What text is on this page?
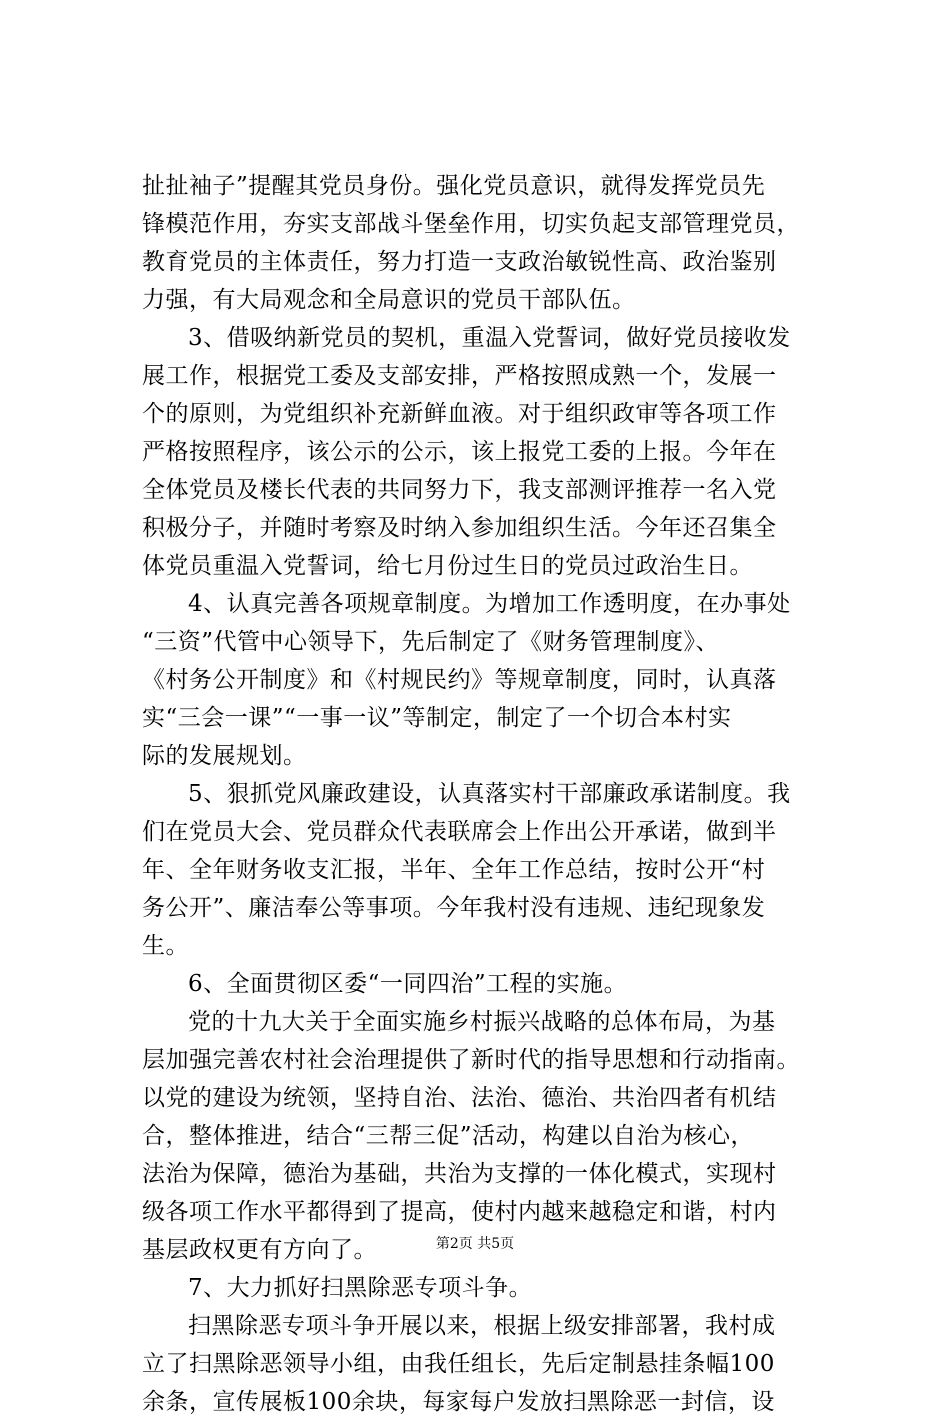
扯扯袖子”提醒其党员身份。强化党员意识，就得发挥党员先
锋模范作用，夯实支部战斗堡垒作用，切实负起支部管理党员，
教育党员的主体责任，努力打造一支政治敏锐性高、政治鉴别
力强，有大局观念和全局意识的党员干部队伍。
3、借吸纳新党员的契机，重温入党誓词，做好党员接收发
展工作，根据党工委及支部安排，严格按照成熟一个，发展一
个的原则，为党组织补充新鲜血液。对于组织政审等各项工作
严格按照程序，该公示的公示，该上报党工委的上报。今年在
全体党员及楼长代表的共同努力下，我支部测评推荐一名入党
积极分子，并随时考察及时纳入参加组织生活。今年还召集全
体党员重温入党誓词，给七月份过生日的党员过政治生日。
4、认真完善各项规章制度。为增加工作透明度，在办事处
“三资”代管中心领导下，先后制定了《财务管理制度》、
《村务公开制度》和《村规民约》等规章制度，同时，认真落
实“三会一课”“一事一议”等制定，制定了一个切合本村实
际的发展规划。
5、狠抓党风廉政建设，认真落实村干部廉政承诺制度。我
们在党员大会、党员群众代表联席会上作出公开承诺，做到半
年、全年财务收支汇报，半年、全年工作总结，按时公开“村
务公开”、廉洁奉公等事项。今年我村没有违规、违纪现象发
生。
6、全面贯彻区委“一同四治”工程的实施。
党的十九大关于全面实施乡村振兴战略的总体布局，为基
层加强完善农村社会治理提供了新时代的指导思想和行动指南。
以党的建设为统领，坚持自治、法治、德治、共治四者有机结
合，整体推进，结合“三帮三促”活动，构建以自治为核心，
法治为保障，德治为基础，共治为支撑的一体化模式，实现村
级各项工作水平都得到了提高，使村内越来越稳定和谐，村内
基层政权更有方向了。
7、大力抓好扫黑除恶专项斗争。
扫黑除恶专项斗争开展以来，根据上级安排部署，我村成
立了扫黑除恶领导小组，由我任组长，先后定制悬挂条幅100
余条，宣传展板100余块，每家每户发放扫黑除恶一封信，设
第2页 共5页
